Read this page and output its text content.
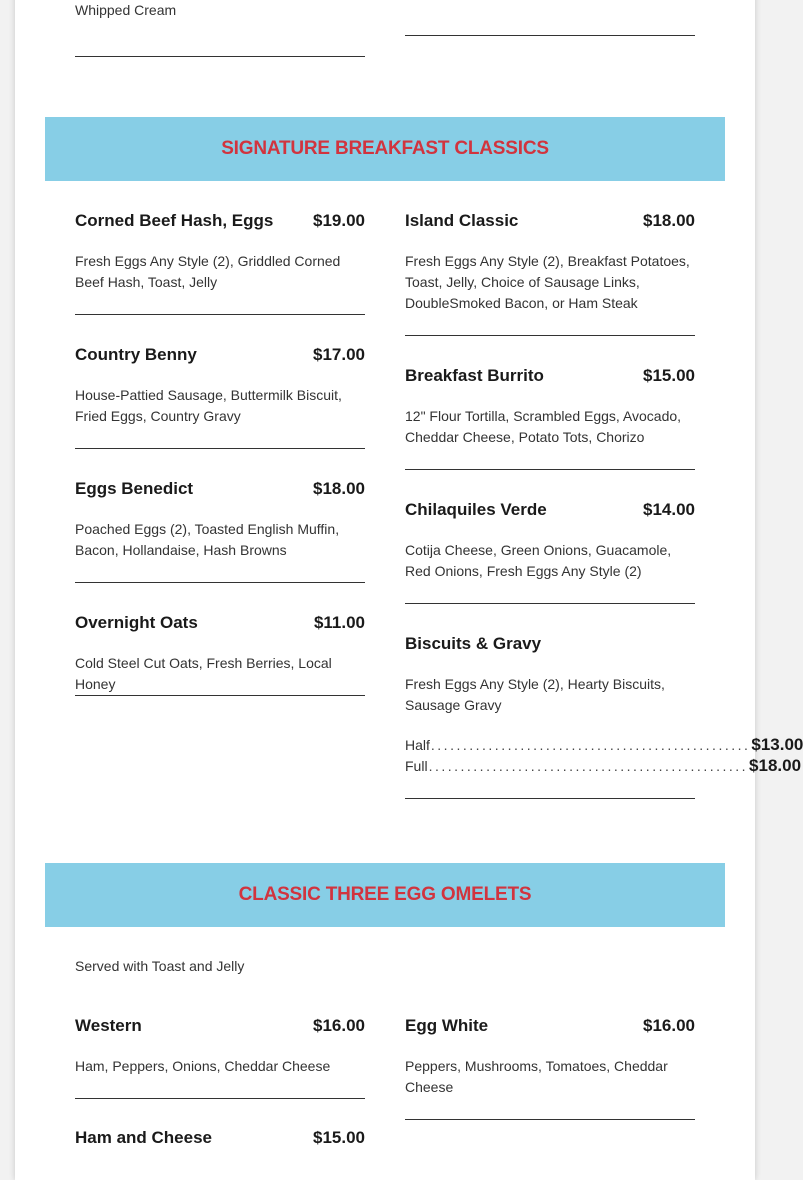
Whipped Cream
SIGNATURE BREAKFAST CLASSICS
Corned Beef Hash, Eggs	$19.00
Fresh Eggs Any Style (2), Griddled Corned Beef Hash, Toast, Jelly
Country Benny	$17.00
House-Pattied Sausage, Buttermilk Biscuit, Fried Eggs, Country Gravy
Eggs Benedict	$18.00
Poached Eggs (2), Toasted English Muffin, Bacon, Hollandaise, Hash Browns
Overnight Oats	$11.00
Cold Steel Cut Oats, Fresh Berries, Local Honey
Island Classic	$18.00
Fresh Eggs Any Style (2), Breakfast Potatoes, Toast, Jelly, Choice of Sausage Links, DoubleSmoked Bacon, or Ham Steak
Breakfast Burrito	$15.00
12" Flour Tortilla, Scrambled Eggs, Avocado, Cheddar Cheese, Potato Tots, Chorizo
Chilaquiles Verde	$14.00
Cotija Cheese, Green Onions, Guacamole, Red Onions, Fresh Eggs Any Style (2)
Biscuits & Gravy
Fresh Eggs Any Style (2), Hearty Biscuits, Sausage Gravy
Half .................................................. $13.00
Full .................................................. $18.00
CLASSIC THREE EGG OMELETS
Served with Toast and Jelly
Western	$16.00
Ham, Peppers, Onions, Cheddar Cheese
Ham and Cheese	$15.00
Egg White	$16.00
Peppers, Mushrooms, Tomatoes, Cheddar Cheese
